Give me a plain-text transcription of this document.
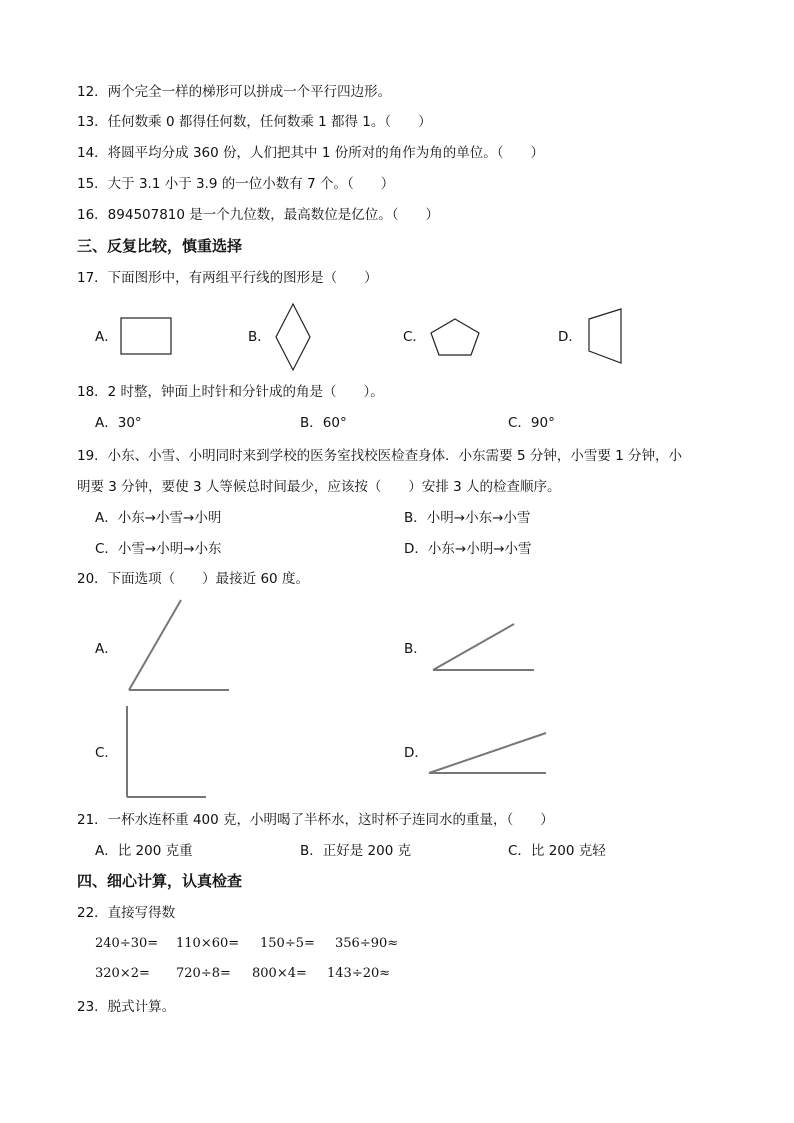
12．两个完全一样的梯形可以拼成一个平行四边形。
13．任何数乘 0 都得任何数，任何数乘 1 都得 1。（　　）
14．将圆平均分成 360 份，人们把其中 1 份所对的角作为角的单位。（　　）
15．大于 3.1 小于 3.9 的一位小数有 7 个。（　　）
16．894507810 是一个九位数，最高数位是亿位。（　　）
三、反复比较，慎重选择
17．下面图形中，有两组平行线的图形是（　　）
A．	B．	C．	D．
18．2 时整，钟面上时针和分针成的角是（　　）。
A．30°	B．60°	C．90°
19．小东、小雪、小明同时来到学校的医务室找校医检查身体．小东需要 5 分钟，小雪要 1 分钟，小
明要 3 分钟，要使 3 人等候总时间最少，应该按（　　）安排 3 人的检查顺序。
A．小东→小雪→小明	B．小明→小东→小雪
C．小雪→小明→小东	D．小东→小明→小雪
20．下面选项（　　）最接近 60 度。
A．	B．
C．	D．
21．一杯水连杯重 400 克，小明喝了半杯水，这时杯子连同水的重量，（　　）
A．比 200 克重	B．正好是 200 克	C．比 200 克轻
四、细心计算，认真检查
22．直接写得数
240÷30= 110×60= 150÷5= 356÷90≈
320×2= 720÷8= 800×4= 143÷20≈
23．脱式计算。
